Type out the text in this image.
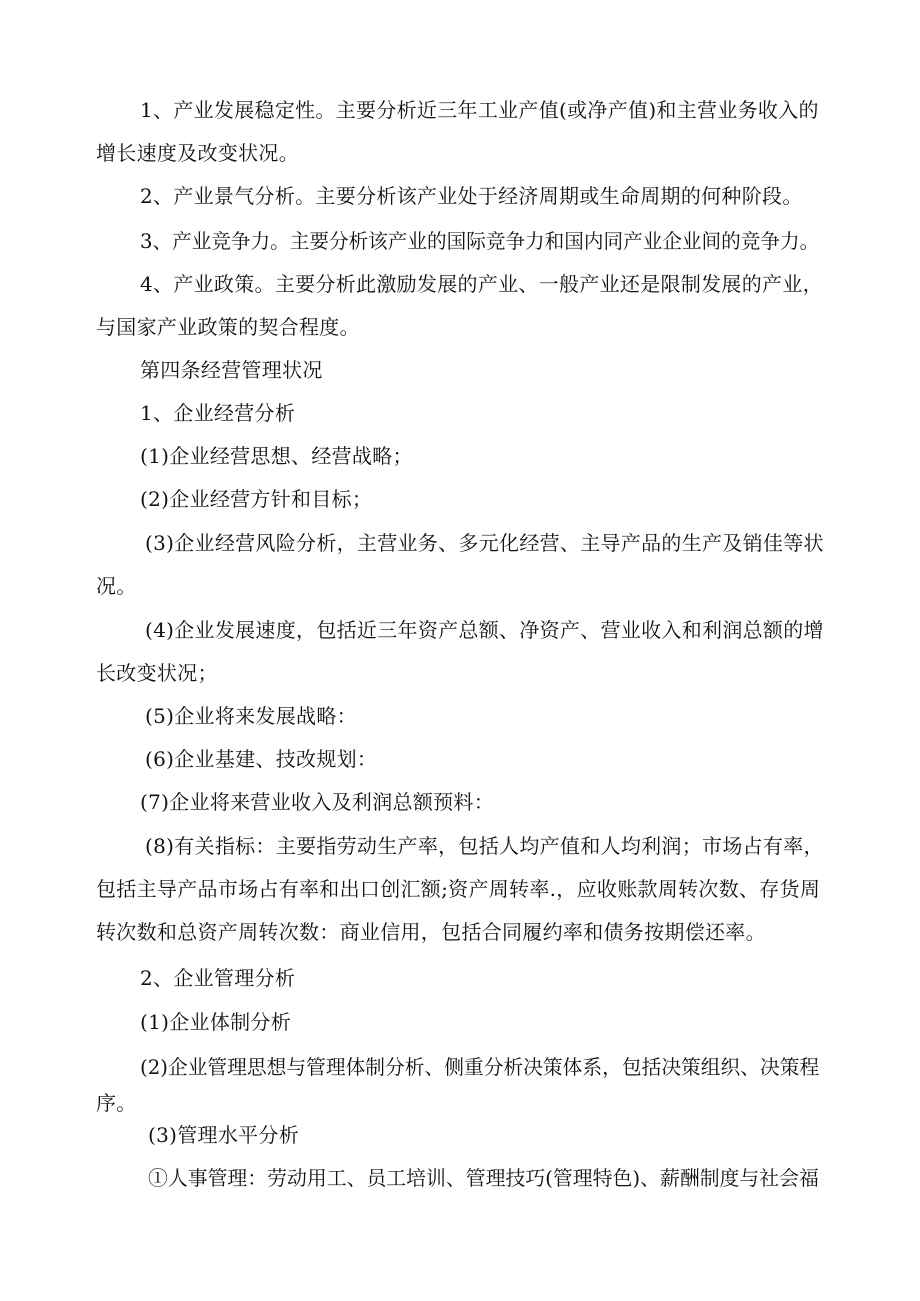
1、产业发展稳定性。主要分析近三年工业产值(或净产值)和主营业务收入的

增长速度及改变状况。

2、产业景气分析。主要分析该产业处于经济周期或生命周期的何种阶段。

3、产业竞争力。主要分析该产业的国际竞争力和国内同产业企业间的竞争力。

4、产业政策。主要分析此激励发展的产业、一般产业还是限制发展的产业，

与国家产业政策的契合程度。

第四条经营管理状况

1、企业经营分析

(1)企业经营思想、经营战略；

(2)企业经营方针和目标；

(3)企业经营风险分析，主营业务、多元化经营、主导产品的生产及销佳等状

况。

(4)企业发展速度，包括近三年资产总额、净资产、营业收入和利润总额的增

长改变状况；

(5)企业将来发展战略：

(6)企业基建、技改规划：

(7)企业将来营业收入及利润总额预料：

(8)有关指标：主要指劳动生产率，包括人均产值和人均利润；市场占有率，

包括主导产品市场占有率和出口创汇额;资产周转率.，应收账款周转次数、存货周

转次数和总资产周转次数：商业信用，包括合同履约率和债务按期偿还率。

2、企业管理分析

(1)企业体制分析

(2)企业管理思想与管理体制分析、侧重分析决策体系，包括决策组织、决策程

序。

(3)管理水平分析

①人事管理：劳动用工、员工培训、管理技巧(管理特色)、薪酬制度与社会福
